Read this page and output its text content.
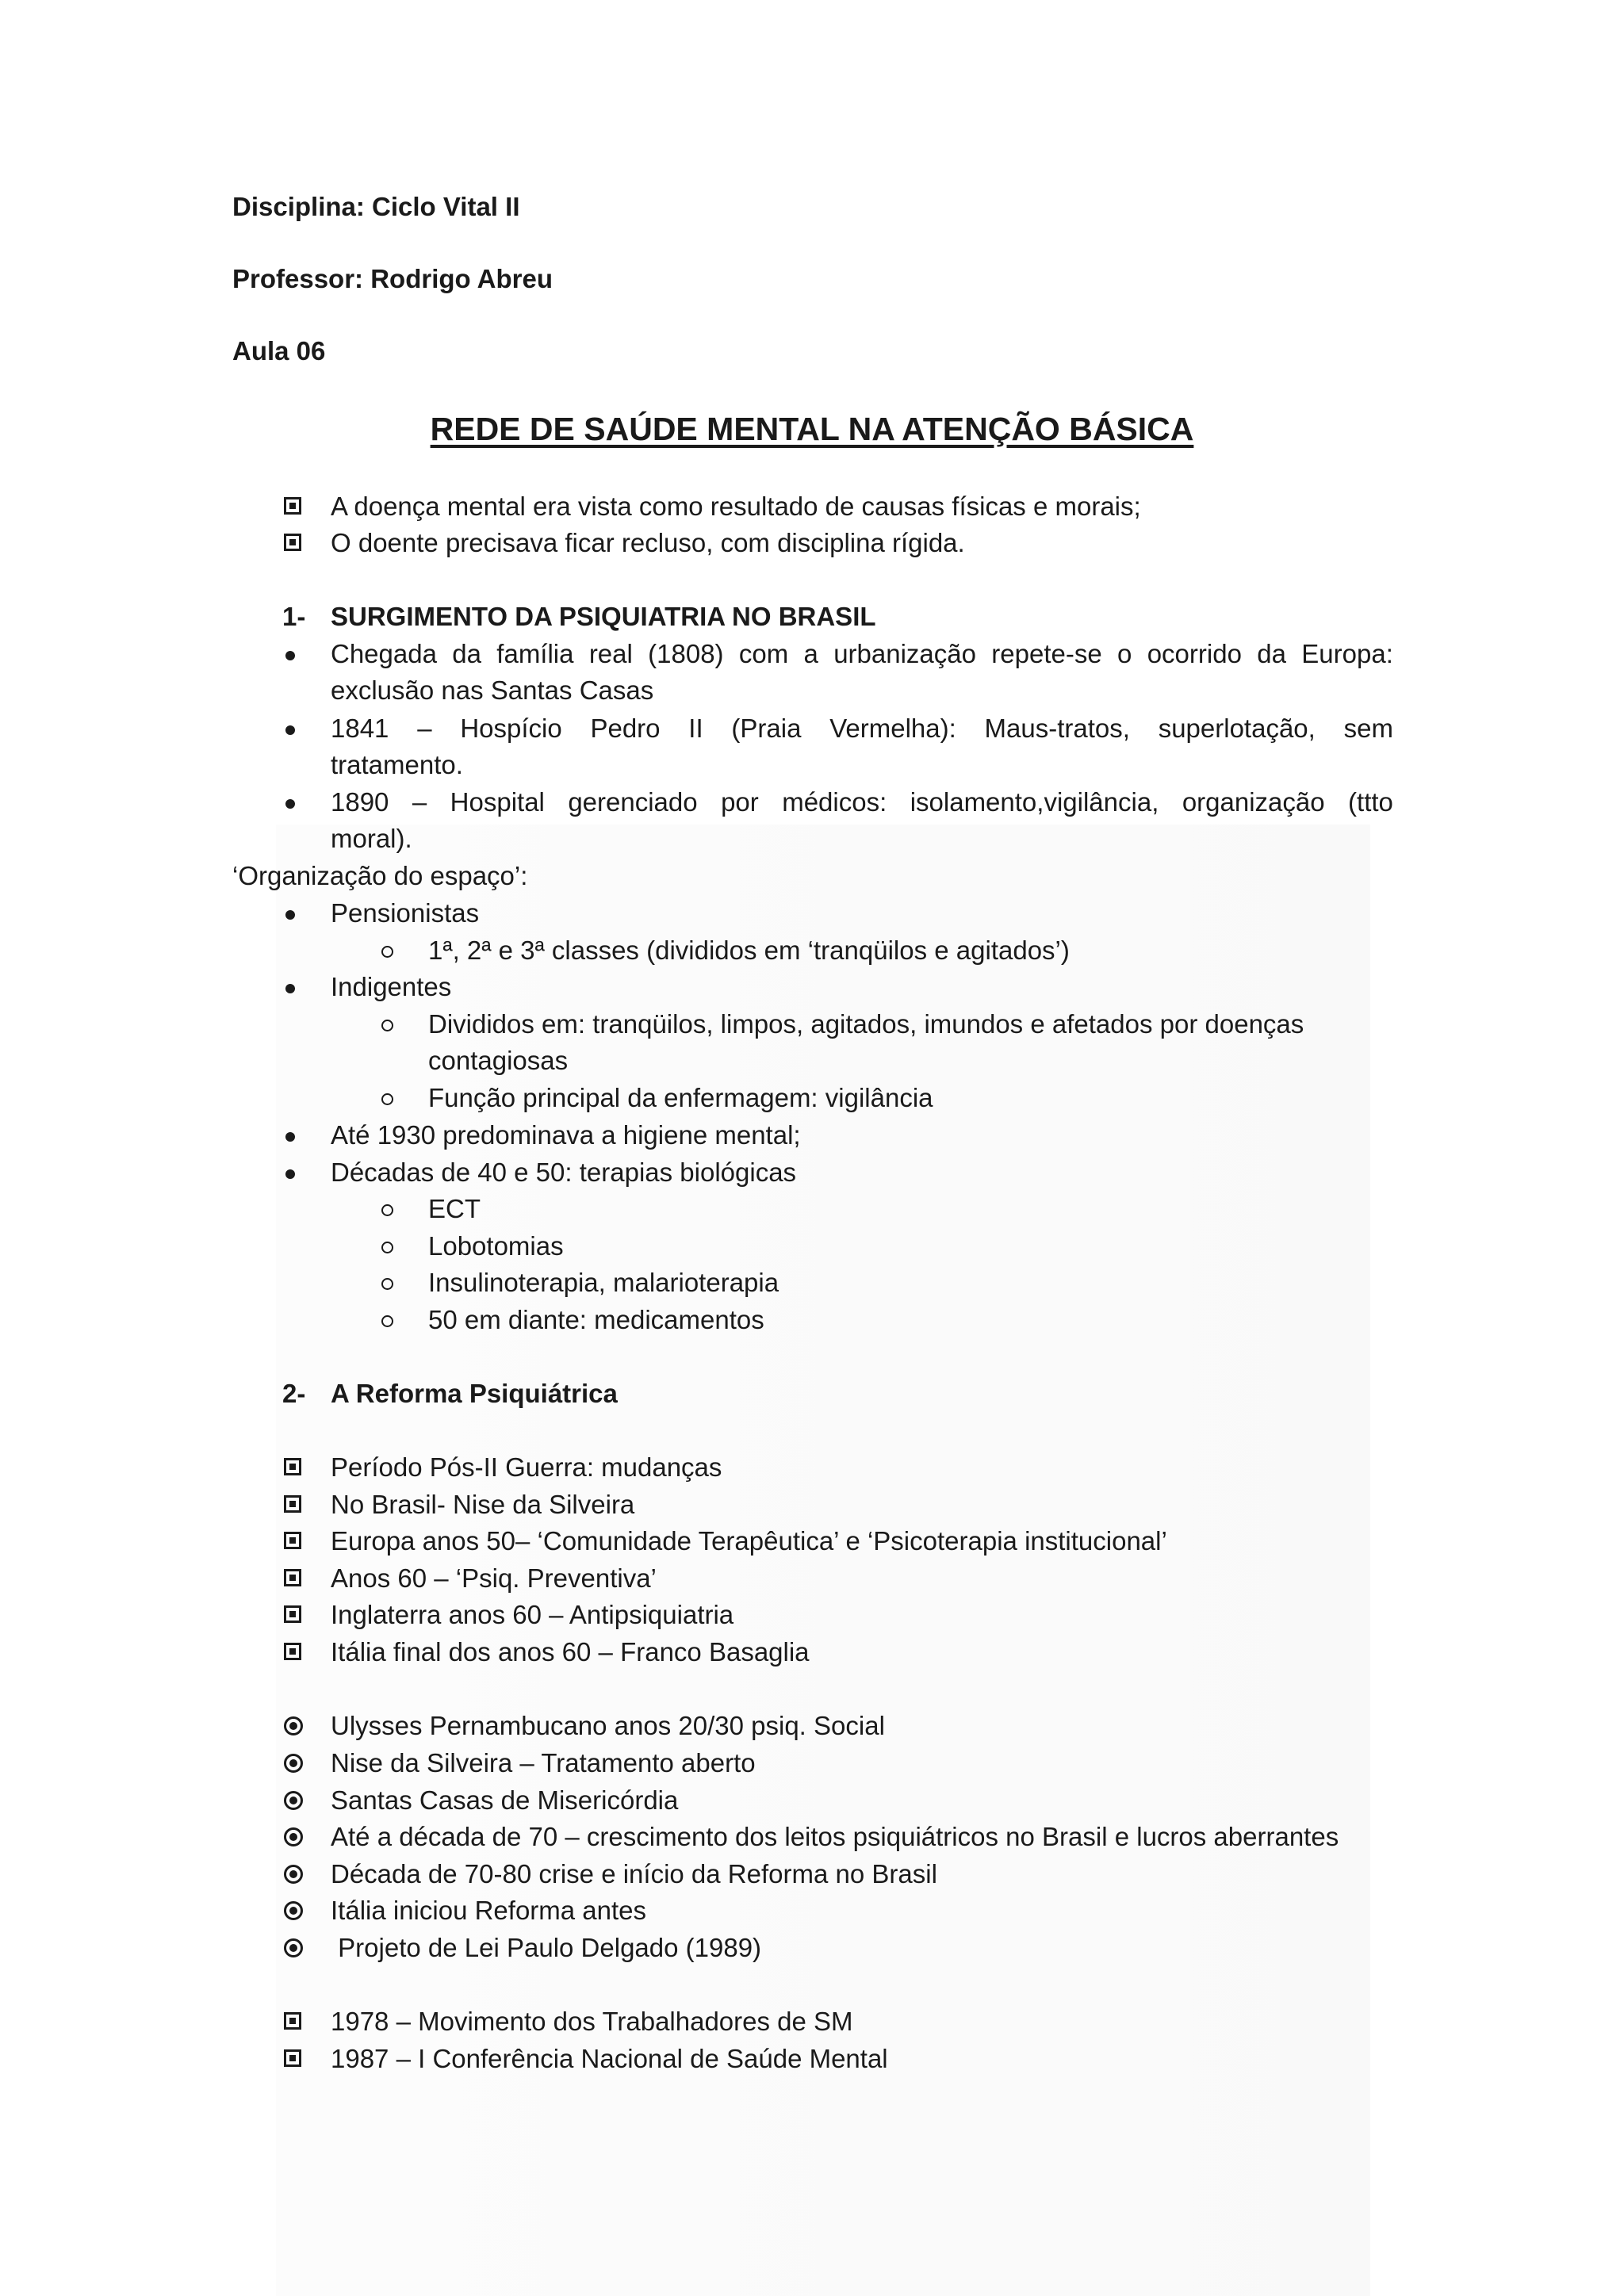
Disciplina: Ciclo Vital II
Professor: Rodrigo Abreu
Aula 06
REDE DE SAÚDE MENTAL NA ATENÇÃO BÁSICA
A doença mental era vista como resultado de causas físicas e morais;
O doente precisava ficar recluso, com disciplina rígida.
1- SURGIMENTO DA PSIQUIATRIA NO BRASIL
Chegada da família real (1808) com a urbanização repete-se o ocorrido da Europa:
exclusão nas Santas Casas
1841 – Hospício Pedro II (Praia Vermelha): Maus-tratos, superlotação, sem
tratamento.
1890 – Hospital gerenciado por médicos: isolamento,vigilância, organização (ttto
moral).
‘Organização do espaço’:
Pensionistas
1ª, 2ª e 3ª classes (divididos em ‘tranqüilos e agitados’)
Indigentes
Divididos em: tranqüilos, limpos, agitados, imundos e afetados por doenças
contagiosas
Função principal da enfermagem: vigilância
Até 1930 predominava a higiene mental;
Décadas de 40 e 50: terapias biológicas
ECT
Lobotomias
Insulinoterapia, malarioterapia
50 em diante: medicamentos
2- A Reforma Psiquiátrica
Período Pós-II Guerra: mudanças
No Brasil- Nise da Silveira
Europa anos 50– ‘Comunidade Terapêutica’ e ‘Psicoterapia institucional’
Anos 60 – ‘Psiq. Preventiva’
Inglaterra anos 60 – Antipsiquiatria
Itália final dos anos 60 – Franco Basaglia
Ulysses Pernambucano anos 20/30 psiq. Social
Nise da Silveira – Tratamento aberto
Santas Casas de Misericórdia
Até a década de 70 – crescimento dos leitos psiquiátricos no Brasil e lucros aberrantes
Década de 70-80 crise e início da Reforma no Brasil
Itália iniciou Reforma antes
Projeto de Lei Paulo Delgado (1989)
1978 – Movimento dos Trabalhadores de SM
1987 – I Conferência Nacional de Saúde Mental
